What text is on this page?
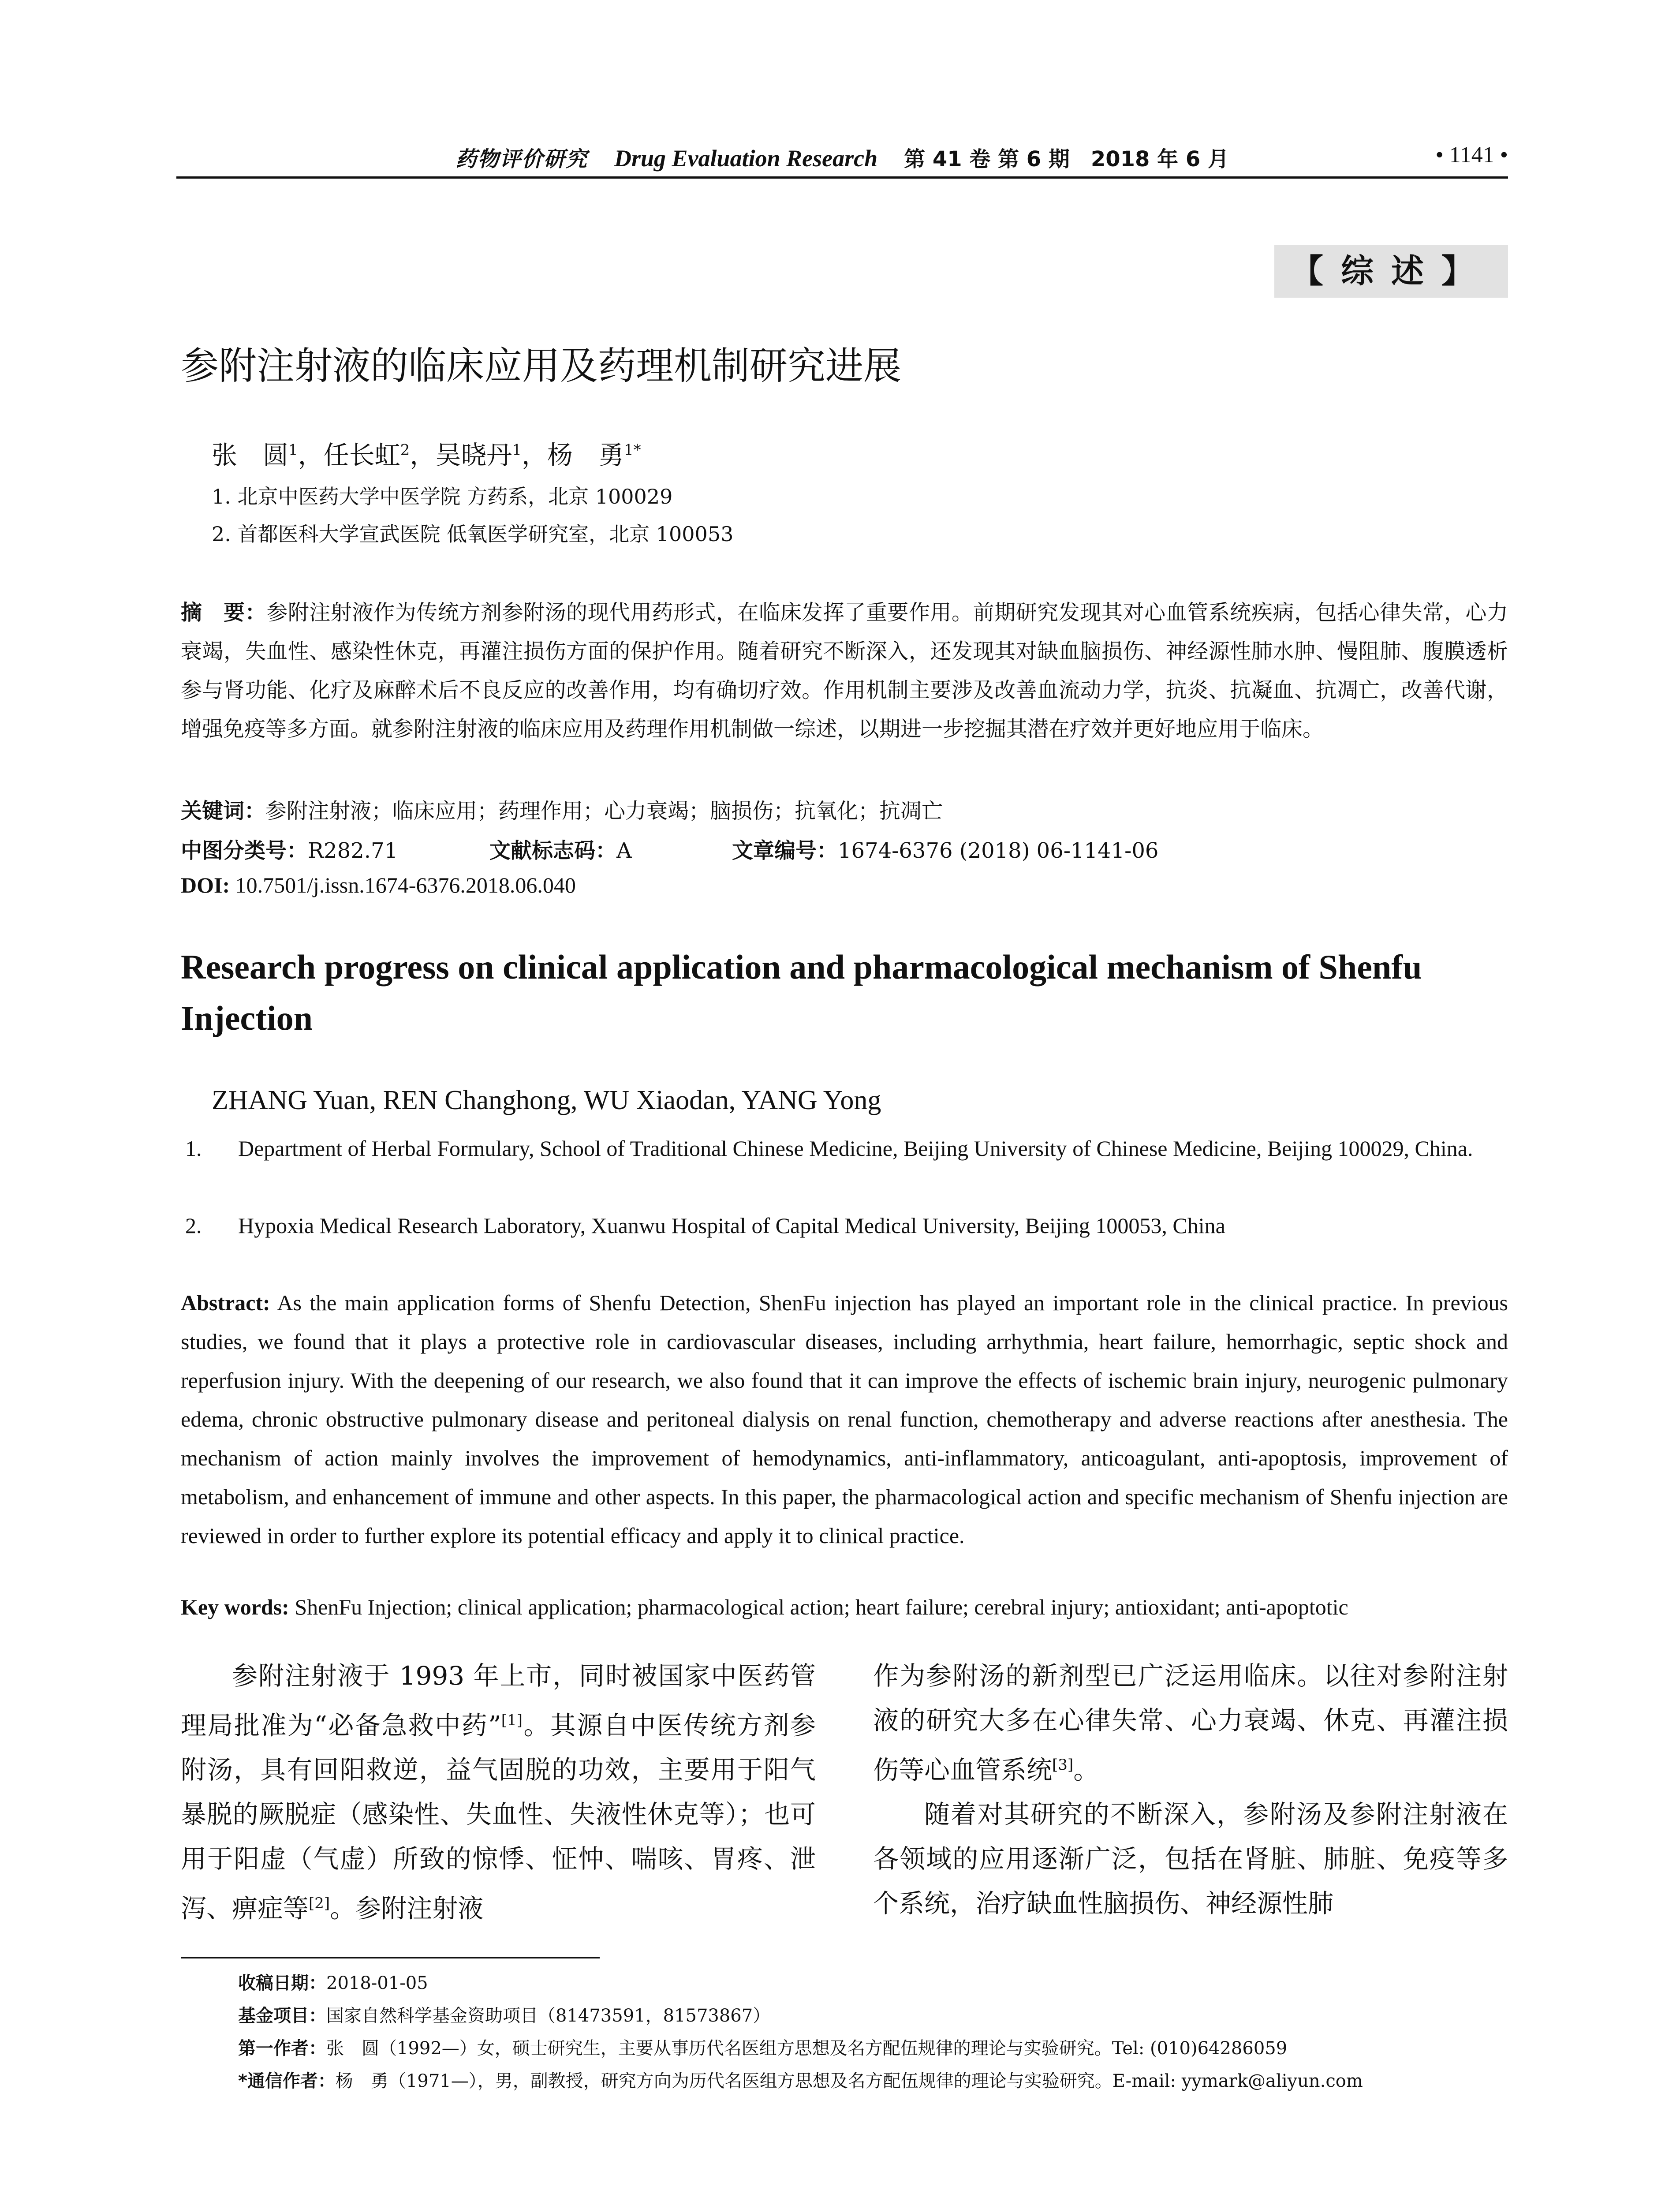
药物评价研究 Drug Evaluation Research 第 41 卷 第 6 期　2018 年 6 月	• 1141 •
【综述】
参附注射液的临床应用及药理机制研究进展
张　圆$^1$，任长虹$^2$，吴晓丹$^1$，杨　勇$^{1*}$
1. 北京中医药大学中医学院 方药系，北京 100029
2. 首都医科大学宣武医院 低氧医学研究室，北京 100053
摘　要：参附注射液作为传统方剂参附汤的现代用药形式，在临床发挥了重要作用。前期研究发现其对心血管系统疾病，包括心律失常，心力衰竭，失血性、感染性休克，再灌注损伤方面的保护作用。随着研究不断深入，还发现其对缺血脑损伤、神经源性肺水肿、慢阻肺、腹膜透析参与肾功能、化疗及麻醉术后不良反应的改善作用，均有确切疗效。作用机制主要涉及改善血流动力学，抗炎、抗凝血、抗凋亡，改善代谢，增强免疫等多方面。就参附注射液的临床应用及药理作用机制做一综述，以期进一步挖掘其潜在疗效并更好地应用于临床。
关键词：参附注射液；临床应用；药理作用；心力衰竭；脑损伤；抗氧化；抗凋亡
中图分类号：R282.71	文献标志码：A	文章编号：1674-6376 (2018) 06-1141-06
DOI: 10.7501/j.issn.1674-6376.2018.06.040
Research progress on clinical application and pharmacological mechanism of Shenfu Injection
ZHANG Yuan, REN Changhong, WU Xiaodan, YANG Yong
1. Department of Herbal Formulary, School of Traditional Chinese Medicine, Beijing University of Chinese Medicine, Beijing 100029, China.
2. Hypoxia Medical Research Laboratory, Xuanwu Hospital of Capital Medical University, Beijing 100053, China
Abstract: As the main application forms of Shenfu Detection, ShenFu injection has played an important role in the clinical practice. In previous studies, we found that it plays a protective role in cardiovascular diseases, including arrhythmia, heart failure, hemorrhagic, septic shock and reperfusion injury. With the deepening of our research, we also found that it can improve the effects of ischemic brain injury, neurogenic pulmonary edema, chronic obstructive pulmonary disease and peritoneal dialysis on renal function, chemotherapy and adverse reactions after anesthesia. The mechanism of action mainly involves the improvement of hemodynamics, anti-inflammatory, anticoagulant, anti-apoptosis, improvement of metabolism, and enhancement of immune and other aspects. In this paper, the pharmacological action and specific mechanism of Shenfu injection are reviewed in order to further explore its potential efficacy and apply it to clinical practice.
Key words: ShenFu Injection; clinical application; pharmacological action; heart failure; cerebral injury; antioxidant; anti-apoptotic

参附注射液于 1993 年上市，同时被国家中医药管理局批准为“必备急救中药”[1]。其源自中医传统方剂参附汤，具有回阳救逆，益气固脱的功效，主要用于阳气暴脱的厥脱症（感染性、失血性、失液性休克等）；也可用于阳虚（气虚）所致的惊悸、怔忡、喘咳、胃疼、泄泻、痹症等[2]。参附注射液

作为参附汤的新剂型已广泛运用临床。以往对参附注射液的研究大多在心律失常、心力衰竭、休克、再灌注损伤等心血管系统[3]。

随着对其研究的不断深入，参附汤及参附注射液在各领域的应用逐渐广泛，包括在肾脏、肺脏、免疫等多个系统，治疗缺血性脑损伤、神经源性肺

收稿日期：2018-01-05
基金项目：国家自然科学基金资助项目（81473591，81573867）
第一作者：张　圆（1992—）女，硕士研究生，主要从事历代名医组方思想及名方配伍规律的理论与实验研究。Tel: (010)64286059
*通信作者：杨　勇（1971—），男，副教授，研究方向为历代名医组方思想及名方配伍规律的理论与实验研究。E-mail: yymark@aliyun.com
